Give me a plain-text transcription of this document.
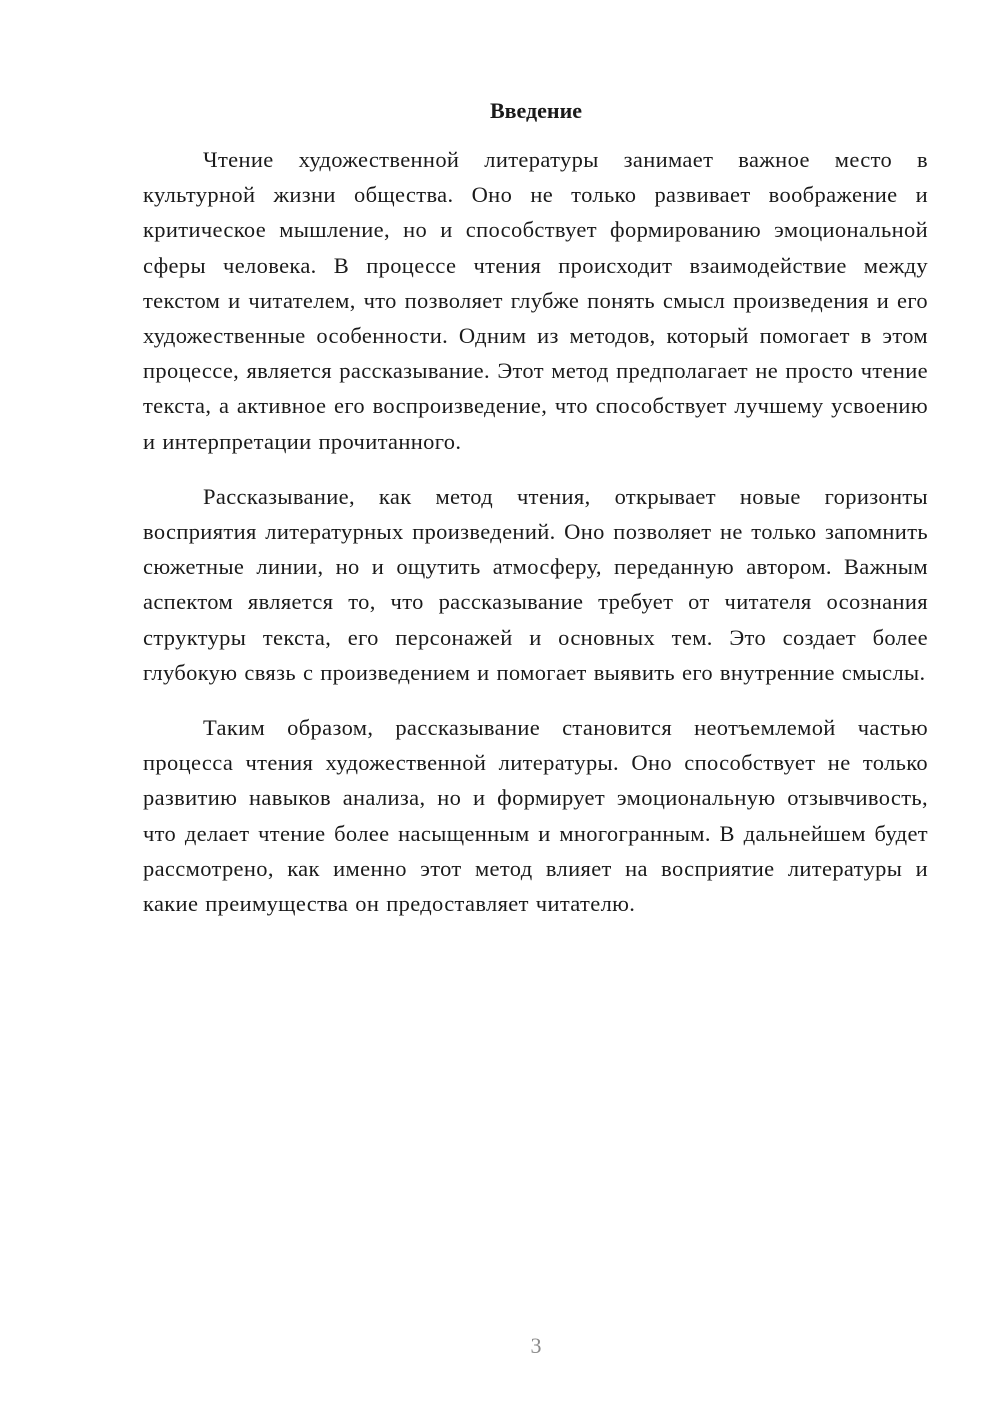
Введение

Чтение художественной литературы занимает важное место в культурной жизни общества. Оно не только развивает воображение и критическое мышление, но и способствует формированию эмоциональной сферы человека. В процессе чтения происходит взаимодействие между текстом и читателем, что позволяет глубже понять смысл произведения и его художественные особенности. Одним из методов, который помогает в этом процессе, является рассказывание. Этот метод предполагает не просто чтение текста, а активное его воспроизведение, что способствует лучшему усвоению и интерпретации прочитанного.

Рассказывание, как метод чтения, открывает новые горизонты восприятия литературных произведений. Оно позволяет не только запомнить сюжетные линии, но и ощутить атмосферу, переданную автором. Важным аспектом является то, что рассказывание требует от читателя осознания структуры текста, его персонажей и основных тем. Это создает более глубокую связь с произведением и помогает выявить его внутренние смыслы.

Таким образом, рассказывание становится неотъемлемой частью процесса чтения художественной литературы. Оно способствует не только развитию навыков анализа, но и формирует эмоциональную отзывчивость, что делает чтение более насыщенным и многогранным. В дальнейшем будет рассмотрено, как именно этот метод влияет на восприятие литературы и какие преимущества он предоставляет читателю.

3
